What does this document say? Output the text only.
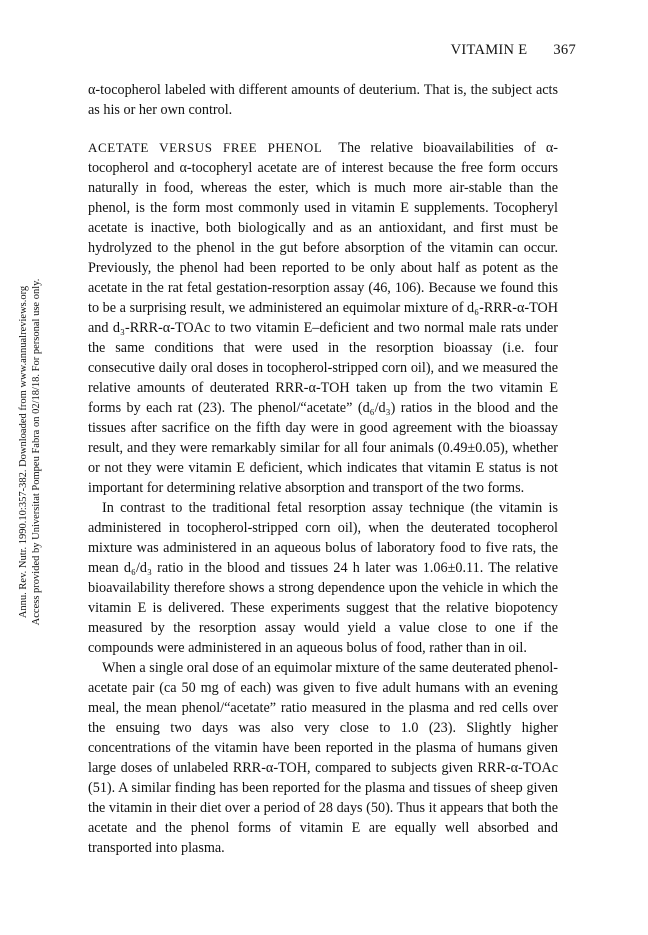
VITAMIN E 367
Annu. Rev. Nutr. 1990.10:357-382. Downloaded from www.annualreviews.org Access provided by Universitat Pompeu Fabra on 02/18/18. For personal use only.

α-tocopherol labeled with different amounts of deuterium. That is, the subject acts as his or her own control.

ACETATE VERSUS FREE PHENOL The relative bioavailabilities of α-tocopherol and α-tocopheryl acetate are of interest because the free form occurs naturally in food, whereas the ester, which is much more air-stable than the phenol, is the form most commonly used in vitamin E supplements. Tocopheryl acetate is inactive, both biologically and as an antioxidant, and first must be hydrolyzed to the phenol in the gut before absorption of the vitamin can occur. Previously, the phenol had been reported to be only about half as potent as the acetate in the rat fetal gestation-resorption assay (46, 106). Because we found this to be a surprising result, we administered an equimolar mixture of d₆-RRR-α-TOH and d₃-RRR-α-TOAc to two vitamin E–deficient and two normal male rats under the same conditions that were used in the resorption bioassay (i.e. four consecutive daily oral doses in tocopherol-stripped corn oil), and we measured the relative amounts of deuterated RRR-α-TOH taken up from the two vitamin E forms by each rat (23). The phenol/“acetate” (d₆/d₃) ratios in the blood and the tissues after sacrifice on the fifth day were in good agreement with the bioassay result, and they were remarkably similar for all four animals (0.49±0.05), whether or not they were vitamin E deficient, which indicates that vitamin E status is not important for determining relative absorption and transport of the two forms.

In contrast to the traditional fetal resorption assay technique (the vitamin is administered in tocopherol-stripped corn oil), when the deuterated tocopherol mixture was administered in an aqueous bolus of laboratory food to five rats, the mean d₆/d₃ ratio in the blood and tissues 24 h later was 1.06±0.11. The relative bioavailability therefore shows a strong dependence upon the vehicle in which the vitamin E is delivered. These experiments suggest that the relative biopotency measured by the resorption assay would yield a value close to one if the compounds were administered in an aqueous bolus of food, rather than in oil.

When a single oral dose of an equimolar mixture of the same deuterated phenol-acetate pair (ca 50 mg of each) was given to five adult humans with an evening meal, the mean phenol/“acetate” ratio measured in the plasma and red cells over the ensuing two days was also very close to 1.0 (23). Slightly higher concentrations of the vitamin have been reported in the plasma of humans given large doses of unlabeled RRR-α-TOH, compared to subjects given RRR-α-TOAc (51). A similar finding has been reported for the plasma and tissues of sheep given the vitamin in their diet over a period of 28 days (50). Thus it appears that both the acetate and the phenol forms of vitamin E are equally well absorbed and transported into plasma.
